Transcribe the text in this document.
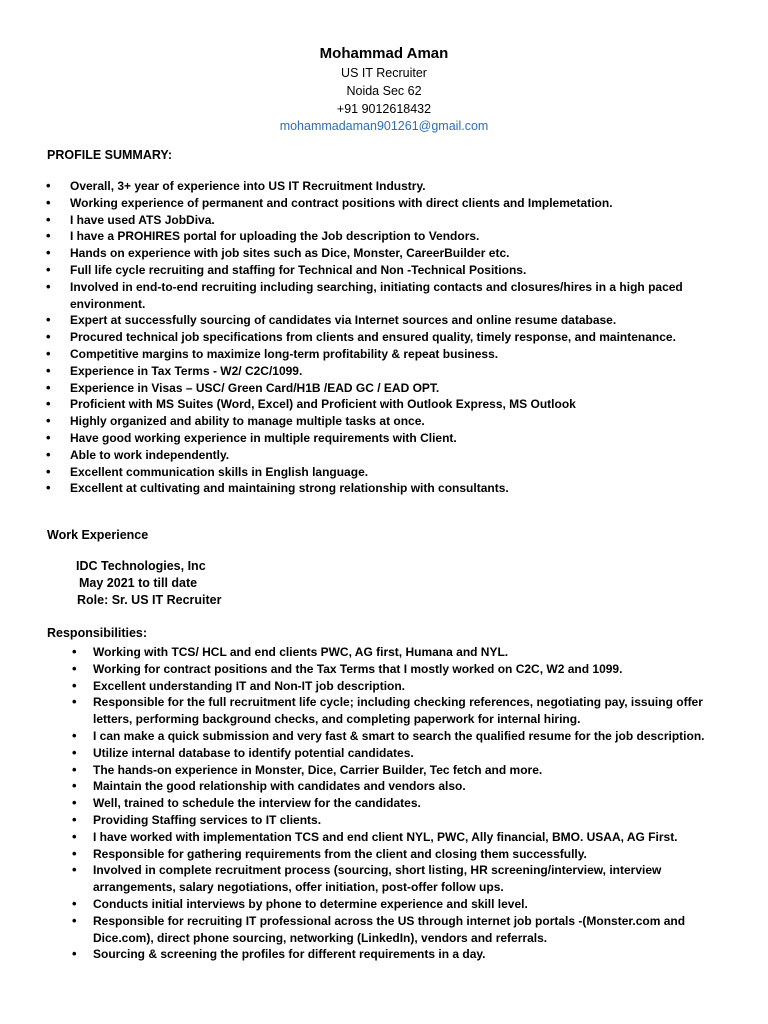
Mohammad Aman
US IT Recruiter
Noida Sec 62
+91 9012618432
mohammadaman901261@gmail.com
PROFILE SUMMARY:
• Overall, 3+ year of experience into US IT Recruitment Industry.
• Working experience of permanent and contract positions with direct clients and Implemetation.
• I have used ATS JobDiva.
• I have a PROHIRES portal for uploading the Job description to Vendors.
• Hands on experience with job sites such as Dice, Monster, CareerBuilder etc.
• Full life cycle recruiting and staffing for Technical and Non -Technical Positions.
• Involved in end-to-end recruiting including searching, initiating contacts and closures/hires in a high paced environment.
• Expert at successfully sourcing of candidates via Internet sources and online resume database.
• Procured technical job specifications from clients and ensured quality, timely response, and maintenance.
• Competitive margins to maximize long-term profitability & repeat business.
• Experience in Tax Terms - W2/ C2C/1099.
• Experience in Visas – USC/ Green Card/H1B /EAD GC / EAD OPT.
• Proficient with MS Suites (Word, Excel) and Proficient with Outlook Express, MS Outlook
• Highly organized and ability to manage multiple tasks at once.
• Have good working experience in multiple requirements with Client.
• Able to work independently.
• Excellent communication skills in English language.
• Excellent at cultivating and maintaining strong relationship with consultants.
Work Experience
IDC Technologies, Inc
May 2021 to till date
Role: Sr. US IT Recruiter
Responsibilities:
• Working with TCS/ HCL and end clients PWC, AG first, Humana and NYL.
• Working for contract positions and the Tax Terms that I mostly worked on C2C, W2 and 1099.
• Excellent understanding IT and Non-IT job description.
• Responsible for the full recruitment life cycle; including checking references, negotiating pay, issuing offer letters, performing background checks, and completing paperwork for internal hiring.
• I can make a quick submission and very fast & smart to search the qualified resume for the job description.
• Utilize internal database to identify potential candidates.
• The hands-on experience in Monster, Dice, Carrier Builder, Tec fetch and more.
• Maintain the good relationship with candidates and vendors also.
• Well, trained to schedule the interview for the candidates.
• Providing Staffing services to IT clients.
• I have worked with implementation TCS and end client NYL, PWC, Ally financial, BMO. USAA, AG First.
• Responsible for gathering requirements from the client and closing them successfully.
• Involved in complete recruitment process (sourcing, short listing, HR screening/interview, interview arrangements, salary negotiations, offer initiation, post-offer follow ups.
• Conducts initial interviews by phone to determine experience and skill level.
• Responsible for recruiting IT professional across the US through internet job portals -(Monster.com and Dice.com), direct phone sourcing, networking (LinkedIn), vendors and referrals.
• Sourcing & screening the profiles for different requirements in a day.
